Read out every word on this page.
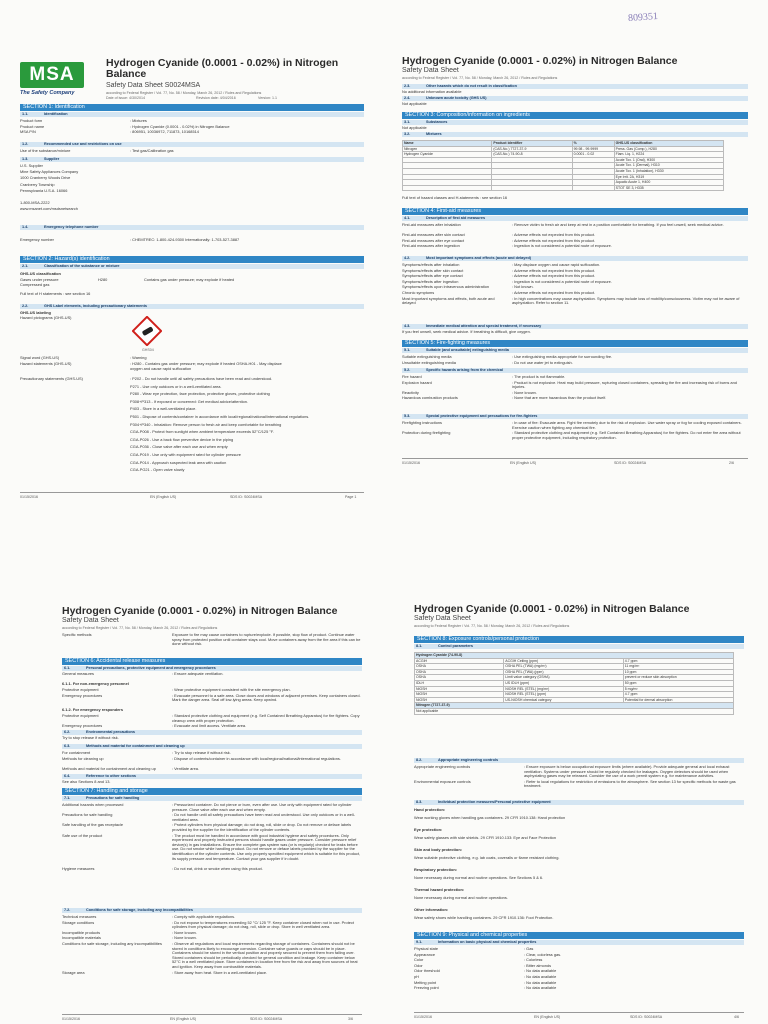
MSA
The Safety Company
Hydrogen Cyanide (0.0001 - 0.02%) in Nitrogen Balance
Safety Data Sheet S0024MSA
according to Federal Register / Vol. 77, No. 58 / Monday, March 26, 2012 / Rules and Regulations
Date of issue: 4/30/2014	Revision date: 4/04/2016	Version: 1.1
SECTION 1: Identification
1.1.	Identification
Product form	: Mixtures
Product name	: Hydrogen Cyanide (0.0001 - 0.02%) in Nitrogen Balance
MSA P/N	: 806951, 10036972, 711873, 10168514
1.2.	Recommended use and restrictions on use
Use of the substance/mixture	: Test gas/Calibration gas
1.3.	Supplier
U.S. Supplier
Mine Safety Appliances Company
1000 Cranberry Woods Drive
Cranberry Township
Pennsylvania U.S.A. 16066
1-800-MSA-2222
www.msanet.com/msdsnetsearch
1.4.	Emergency telephone number
Emergency number	: CHEMTREC: 1-800-424-9300 Internationally: 1-703-527-3887
SECTION 2: Hazard(s) identification
2.1.	Classification of the substance or mixture
GHS-US classification
Gases under pressure	H280	Contains gas under pressure; may explode if heated
Compressed gas
Full text of H statements : see section 16
2.2.	GHS Label elements, including precautionary statements
GHS-US labeling
Hazard pictograms (GHS-US)
GHS04
Signal word (GHS-US)	: Warning
Hazard statements (GHS-US)	: H280 - Contains gas under pressure; may explode if heated OSHA-H01 - May displace oxygen and cause rapid suffocation
Precautionary statements (GHS-US)	: P202 - Do not handle until all safety precautions have been read and understood.
P271 - Use only outdoors or in a well-ventilated area.
P280 - Wear eye protection, face protection, protective gloves, protective clothing
P308+P313 - If exposed or concerned: Get medical advice/attention.
P403 - Store in a well-ventilated place.
P501 - Dispose of contents/container in accordance with local/regional/national/international regulations.
P304+P340 - Inhalation: Remove person to fresh air and keep comfortable for breathing
CGA-P008 - Protect from sunlight when ambient temperature exceeds 52°C/125 °F.
CGA-P026 - Use a back flow preventive device in the piping
CGA-P036 - Close valve after each use and when empty
CGA-P019 - Use only with equipment rated for cylinder pressure
CGA-P014 - Approach suspected leak area with caution
CGA-PG21 - Open valve slowly
01/15/2016	EN (English US)	SDS ID: S0024MSA	Page 1
809351
Hydrogen Cyanide (0.0001 - 0.02%) in Nitrogen Balance
Safety Data Sheet
according to Federal Register / Vol. 77, No. 58 / Monday, March 26, 2012 / Rules and Regulations
2.3.	Other hazards which do not result in classification
No additional information available
2.4.	Unknown acute toxicity (GHS US)
Not applicable
SECTION 3: Composition/information on ingredients
3.1.	Substances
Not applicable
3.2.	Mixtures
Name	Product identifier	%	GHS-US classification
Nitrogen	(CAS-No.) 7727-37-9	99.98 - 99.9999	Press. Gas (Comp.), H280
Hydrogen Cyanide	(CAS-No.) 74-90-8	0.0001 - 0.02	Flam. Liq. 1, H224
			Acute Tox. 1 (Oral), H300
			Acute Tox. 1 (Dermal), H310
			Acute Tox. 1 (Inhalation), H330
			Eye Irrit. 2A, H319
			Aquatic Acute 1, H400
			STOT SE 3, H335
Full text of hazard classes and H-statements : see section 16
SECTION 4: First-aid measures
4.1.	Description of first aid measures
First-aid measures after inhalation	: Remove victim to fresh air and keep at rest in a position comfortable for breathing. If you feel unwell, seek medical advice.
First-aid measures after skin contact	: Adverse effects not expected from this product.
First-aid measures after eye contact	: Adverse effects not expected from this product.
First-aid measures after ingestion	: Ingestion is not considered a potential route of exposure.
4.2.	Most important symptoms and effects (acute and delayed)
Symptoms/effects after inhalation	: May displace oxygen and cause rapid suffocation.
Symptoms/effects after skin contact	: Adverse effects not expected from this product.
Symptoms/effects after eye contact	: Adverse effects not expected from this product.
Symptoms/effects after ingestion	: Ingestion is not considered a potential route of exposure.
Symptoms/effects upon intravenous administration	: Not known.
Chronic symptoms	: Adverse effects not expected from this product.
Most important symptoms and effects, both acute and delayed
: In high concentrations may cause asphyxiation. Symptoms may include loss of mobility/consciousness. Victim may not be aware of asphyxiation. Refer to section 11.
4.3.	Immediate medical attention and special treatment, if necessary
If you feel unwell, seek medical advice. If breathing is difficult, give oxygen.
SECTION 5: Fire-fighting measures
5.1.	Suitable (and unsuitable) extinguishing media
Suitable extinguishing media	: Use extinguishing media appropriate for surrounding fire.
Unsuitable extinguishing media	: Do not use water jet to extinguish.
5.2.	Specific hazards arising from the chemical
Fire hazard	: The product is not flammable.
Explosion hazard	: Product is not explosive. Heat may build pressure, rupturing closed containers, spreading the fire and increasing risk of burns and injuries.
Reactivity	: None known.
Hazardous combustion products	: None that are more hazardous than the product itself.
5.3.	Special protective equipment and precautions for fire-fighters
Firefighting instructions	: In case of fire: Evacuate area. Fight fire remotely due to the risk of explosion. Use water spray or fog for cooling exposed containers. Exercise caution when fighting any chemical fire.
Protection during firefighting	: Standard protective clothing and equipment (e.g. Self Contained Breathing Apparatus) for fire fighters. Do not enter fire area without proper protective equipment, including respiratory protection.
01/15/2016	EN (English US)	SDS ID: S0024MSA	2/6
Hydrogen Cyanide (0.0001 - 0.02%) in Nitrogen Balance
Safety Data Sheet
according to Federal Register / Vol. 77, No. 58 / Monday, March 26, 2012 / Rules and Regulations
Specific methods	Exposure to fire may cause containers to rupture/explode. If possible, stop flow of product. Continue water spray from protected position until container stays cool. Move containers away from the fire area if this can be done without risk.
SECTION 6: Accidental release measures
6.1.	Personal precautions, protective equipment and emergency procedures
General measures	: Ensure adequate ventilation.
6.1.1. For non-emergency personnel
Protective equipment	: Wear protective equipment consistent with the site emergency plan.
Emergency procedures	: Evacuate personnel to a safe area. Close doors and windows of adjacent premises. Keep containers closed. Mark the danger area. Seal off low-lying areas. Keep upwind.
6.1.2. For emergency responders
Protective equipment	: Standard protective clothing and equipment (e.g. Self Contained Breathing Apparatus) for fire fighters. Copy cleanup crew with proper protection.
Emergency procedures	: Evacuate and limit access. Ventilate area.
6.2.	Environmental precautions
Try to stop release if without risk.
6.3.	Methods and material for containment and cleaning up
For containment	: Try to stop release if without risk.
Methods for cleaning up	: Dispose of contents/container in accordance with local/regional/national/international regulations.
Methods and material for containment and cleaning up	: Ventilate area.
6.4.	Reference to other sections
See also Sections 8 and 13.
SECTION 7: Handling and storage
7.1.	Precautions for safe handling
Additional hazards when processed	: Pressurized container. Do not pierce or burn, even after use. Use only with equipment rated for cylinder pressure. Close valve after each use and when empty.
Precautions for safe handling	: Do not handle until all safety precautions have been read and understood. Use only outdoors or in a well-ventilated area.
Safe handling of the gas receptacle	: Protect cylinders from physical damage; do not drag, roll, slide or drop. Do not remove or deface labels provided by the supplier for the identification of the cylinder contents.
Safe use of the product	: The product must be handled in accordance with good industrial hygiene and safety procedures. Only experienced and properly instructed persons should handle gases under pressure. Consider pressure relief device(s) in gas installations. Ensure the complete gas system was (or is regularly) checked for leaks before use. Do not smoke while handling product. Do not remove or deface labels provided by the supplier for the identification of the cylinder contents. Use only properly specified equipment which is suitable for this product, its supply pressure and temperature. Contact your gas supplier if in doubt.
Hygiene measures	: Do not eat, drink or smoke when using this product.
7.2.	Conditions for safe storage, including any incompatibilities
Technical measures	: Comply with applicable regulations.
Storage conditions	: Do not expose to temperatures exceeding 52 °C/ 125 °F. Keep container closed when not in use. Protect cylinders from physical damage; do not drag, roll, slide or drop. Store in well ventilated area.
Incompatible products	: None known.
Incompatible materials	: None known.
Conditions for safe storage, including any incompatibilities	: Observe all regulations and local requirements regarding storage of containers. Containers should not be stored in conditions likely to encourage corrosion. Container valve guards or caps should be in place. Containers should be stored in the vertical position and properly secured to prevent them from falling over. Stored containers should be periodically checked for general condition and leakage. Keep container below 52°C in a well ventilated place. Store containers in location free from fire risk and away from sources of heat and ignition. Keep away from combustible materials.
Storage area	: Store away from heat. Store in a well-ventilated place.
01/15/2016	EN (English US)	SDS ID: S0024MSA	3/6
Hydrogen Cyanide (0.0001 - 0.02%) in Nitrogen Balance
Safety Data Sheet
according to Federal Register / Vol. 77, No. 58 / Monday, March 26, 2012 / Rules and Regulations
SECTION 8: Exposure controls/personal protection
8.1.	Control parameters
Hydrogen Cyanide (74-90-8)		
ACGIH	ACGIH Ceiling (ppm)	4.7 ppm
OSHA	OSHA PEL (TWA) (mg/m³)	11 mg/m³
OSHA	OSHA PEL (TWA) (ppm)	10 ppm
OSHA	Limit value category (OSHA)	prevent or reduce skin absorption
IDLH	US IDLH (ppm)	50 ppm
NIOSH	NIOSH REL (STEL) (mg/m³)	5 mg/m³
NIOSH	NIOSH REL (STEL) (ppm)	4.7 ppm
NIOSH	US-NIOSH chemical category	Potential for dermal absorption
Nitrogen (7727-37-9)		
Not applicable		
8.2.	Appropriate engineering controls
Appropriate engineering controls	: Ensure exposure is below occupational exposure limits (where available). Provide adequate general and local exhaust ventilation. Systems under pressure should be regularly checked for leakages. Oxygen detectors should be used when asphyxiating gases may be released. Consider the use of a work permit system e.g. for maintenance activities.
Environmental exposure controls	: Refer to local regulations for restriction of emissions to the atmosphere. See section 13 for specific methods for waste gas treatment.
8.3.	Individual protection measures/Personal protective equipment
Hand protection:
Wear working gloves when handling gas containers. 29 CFR 1910.138: Hand protection
Eye protection:
Wear safety glasses with side shields. 29 CFR 1910.133: Eye and Face Protection
Skin and body protection:
Wear suitable protective clothing, e.g. lab coats, coveralls or flame resistant clothing.
Respiratory protection:
None necessary during normal and routine operations. See Sections 5 & 6.
Thermal hazard protection:
None necessary during normal and routine operations.
Other information:
Wear safety shoes while handling containers. 29 CFR 1910.136: Foot Protection.
SECTION 9: Physical and chemical properties
9.1.	Information on basic physical and chemical properties
Physical state	: Gas
Appearance	: Clear, colorless gas.
Color	: Colorless
Odor	: Bitter almonds
Odor threshold	: No data available
pH	: No data available
Melting point	: No data available
Freezing point	: No data available
01/15/2016	EN (English US)	SDS ID: S0024MSA	4/6
